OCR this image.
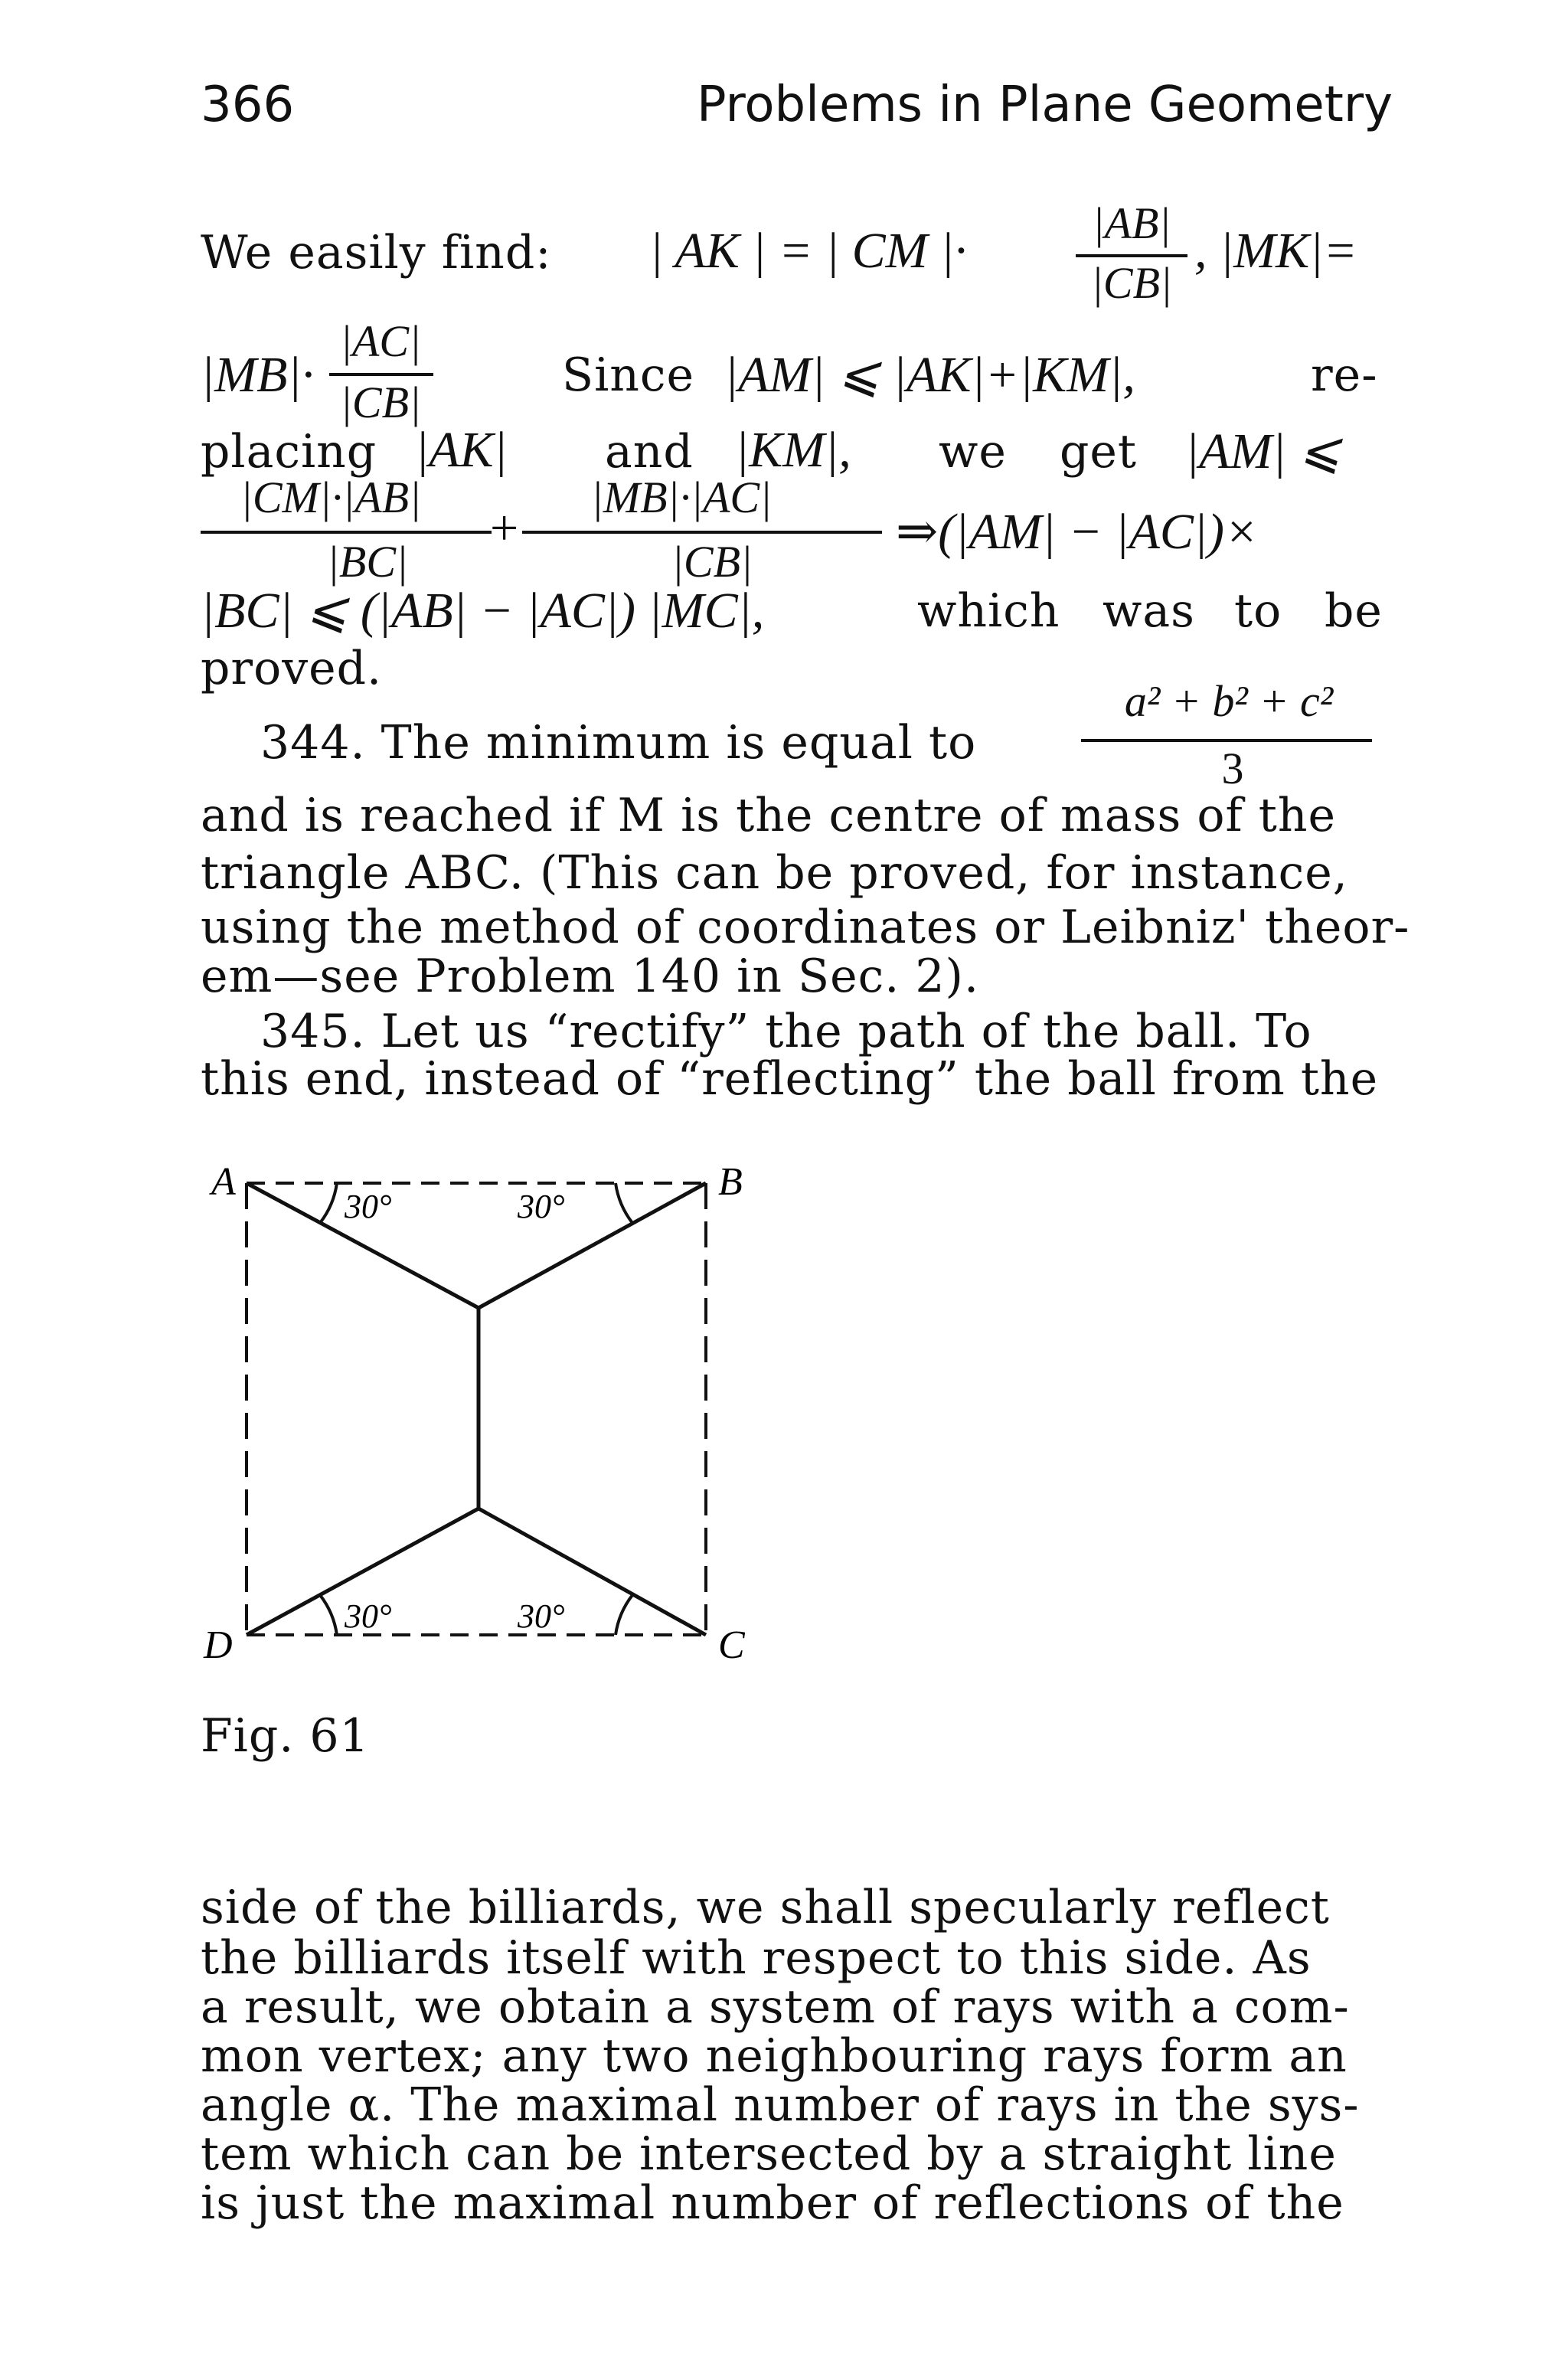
366	Problems in Plane Geometry
We easily find: | AK | = | CM |·	|AB|
|CB|
, |MK|=
|MB|·
|AC|
|CB|
Since |AM| ⩽ |AK|+|KM|,	re-
placing |AK| and |KM|, we get |AM| ⩽
|CM|·|AB|
|BC|
+
|MB|·|AC|
|CB|
⇒(|AM| − |AC|)×
|BC| ⩽ (|AB| − |AC|) |MC|,	which was to be
proved.
344. The minimum is equal to
a² + b² + c²
3
and is reached if M is the centre of mass of the
triangle ABC. (This can be proved, for instance,
using the method of coordinates or Leibniz' theor-
em—see Problem 140 in Sec. 2).
345. Let us “rectify” the path of the ball. To
this end, instead of “reflecting” the ball from the
A	B
C
D
30°	30°
30°	30°
Fig. 61
side of the billiards, we shall specularly reflect
the billiards itself with respect to this side. As
a result, we obtain a system of rays with a com-
mon vertex; any two neighbouring rays form an
angle α. The maximal number of rays in the sys-
tem which can be intersected by a straight line
is just the maximal number of reflections of the
